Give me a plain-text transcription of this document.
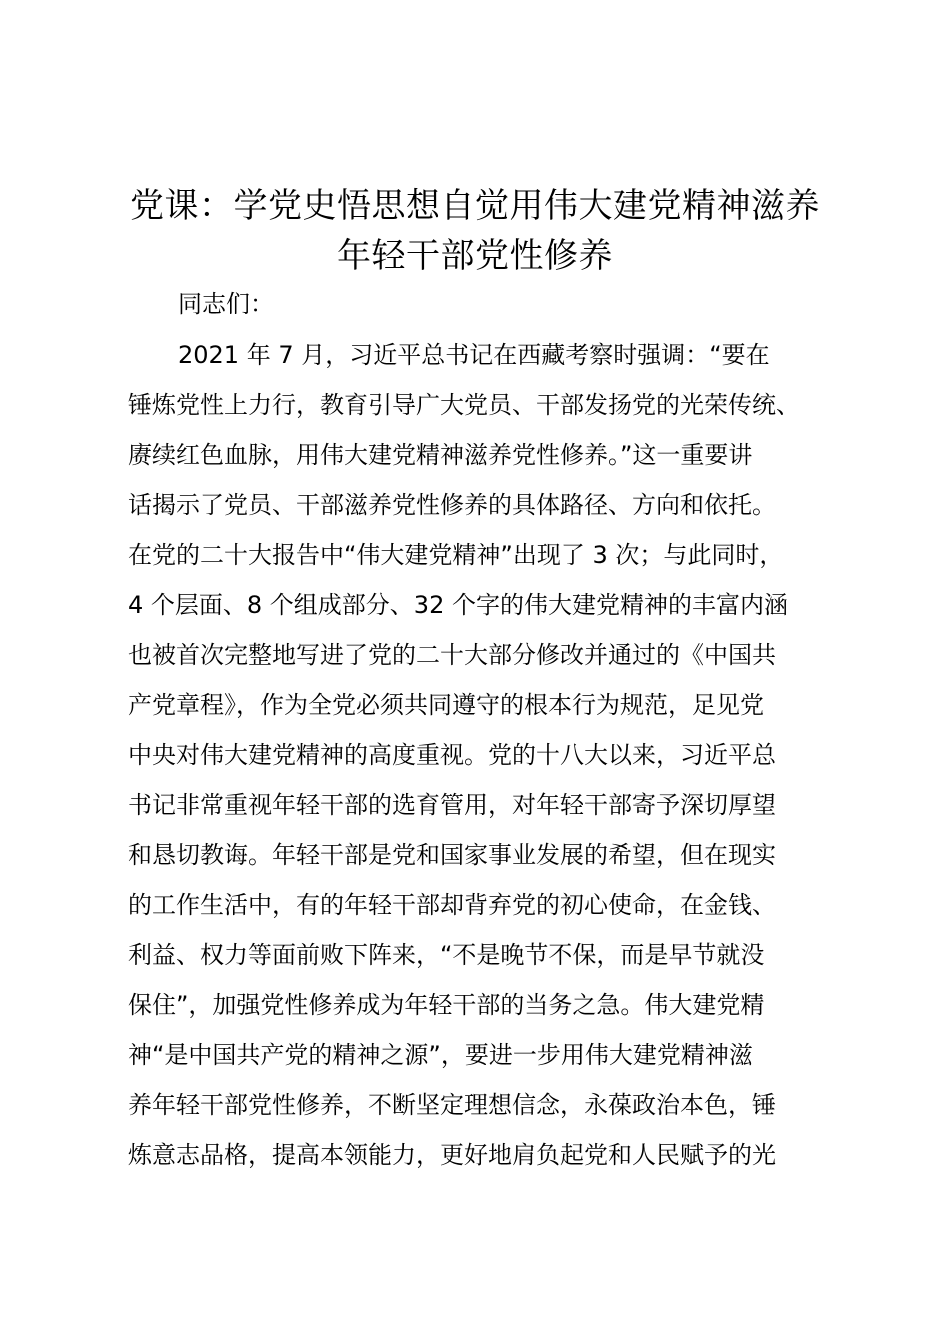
党课：学党史悟思想自觉用伟大建党精神滋养
年轻干部党性修养
同志们：
2021 年 7 月，习近平总书记在西藏考察时强调：“要在
锤炼党性上力行，教育引导广大党员、干部发扬党的光荣传统、
赓续红色血脉，用伟大建党精神滋养党性修养。”这一重要讲
话揭示了党员、干部滋养党性修养的具体路径、方向和依托。
在党的二十大报告中“伟大建党精神”出现了 3 次；与此同时，
4 个层面、8 个组成部分、32 个字的伟大建党精神的丰富内涵
也被首次完整地写进了党的二十大部分修改并通过的《中国共
产党章程》，作为全党必须共同遵守的根本行为规范，足见党
中央对伟大建党精神的高度重视。党的十八大以来，习近平总
书记非常重视年轻干部的选育管用，对年轻干部寄予深切厚望
和恳切教诲。年轻干部是党和国家事业发展的希望，但在现实
的工作生活中，有的年轻干部却背弃党的初心使命，在金钱、
利益、权力等面前败下阵来，“不是晚节不保，而是早节就没
保住”，加强党性修养成为年轻干部的当务之急。伟大建党精
神“是中国共产党的精神之源”，要进一步用伟大建党精神滋
养年轻干部党性修养，不断坚定理想信念，永葆政治本色，锤
炼意志品格，提高本领能力，更好地肩负起党和人民赋予的光
